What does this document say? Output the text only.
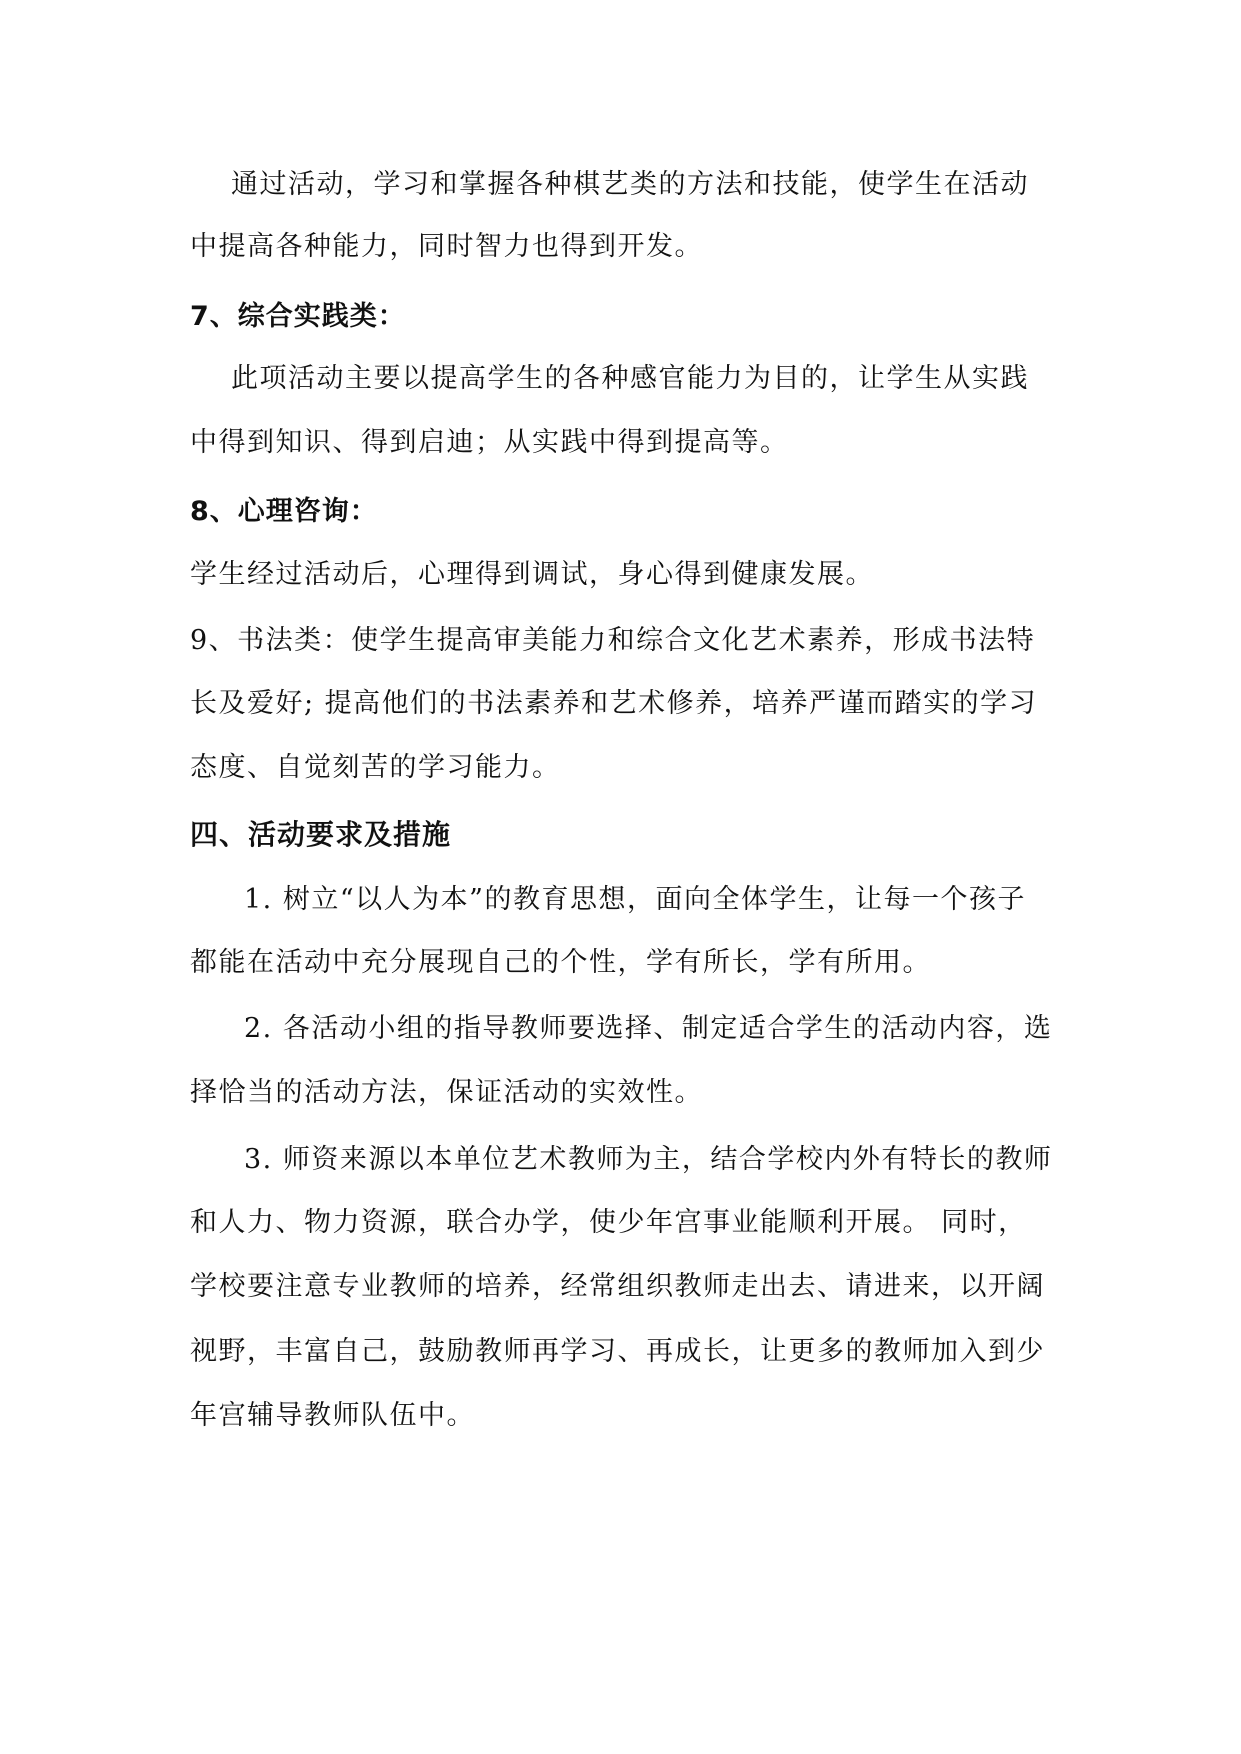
通过活动，学习和掌握各种棋艺类的方法和技能，使学生在活动
中提高各种能力，同时智力也得到开发。
7、综合实践类：
此项活动主要以提高学生的各种感官能力为目的，让学生从实践
中得到知识、得到启迪；从实践中得到提高等。
8、心理咨询：
学生经过活动后，心理得到调试，身心得到健康发展。
9、书法类：使学生提高审美能力和综合文化艺术素养，形成书法特
长及爱好; 提高他们的书法素养和艺术修养，培养严谨而踏实的学习
态度、自觉刻苦的学习能力。
四、活动要求及措施
1. 树立“以人为本”的教育思想，面向全体学生，让每一个孩子
都能在活动中充分展现自己的个性，学有所长，学有所用。
2. 各活动小组的指导教师要选择、制定适合学生的活动内容，选
择恰当的活动方法，保证活动的实效性。
3. 师资来源以本单位艺术教师为主，结合学校内外有特长的教师
和人力、物力资源，联合办学，使少年宫事业能顺利开展。 同时，
学校要注意专业教师的培养，经常组织教师走出去、请进来，以开阔
视野，丰富自己，鼓励教师再学习、再成长，让更多的教师加入到少
年宫辅导教师队伍中。
